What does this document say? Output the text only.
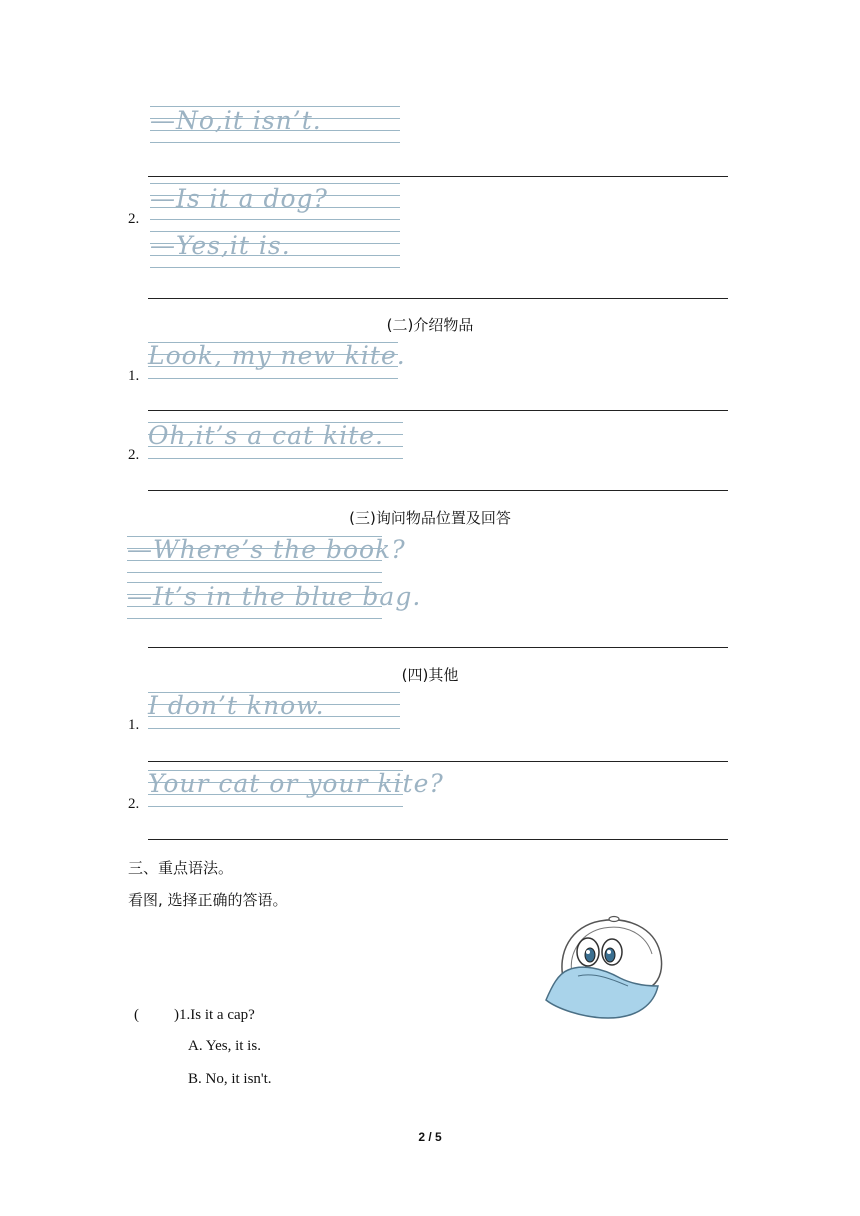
—No,it isn’t.
2.
—Is it a dog?
—Yes,it is.
(二)介绍物品
1.
Look, my new kite.
2.
Oh,it’s a cat kite.
(三)询问物品位置及回答
—Where’s the book?
—It’s in the blue bag.
(四)其他
1.
I don’t know.
2.
Your cat or your kite?
三、重点语法。
看图, 选择正确的答语。
( )1.Is it a cap?
A. Yes, it is.
B. No, it isn't.
2 / 5
